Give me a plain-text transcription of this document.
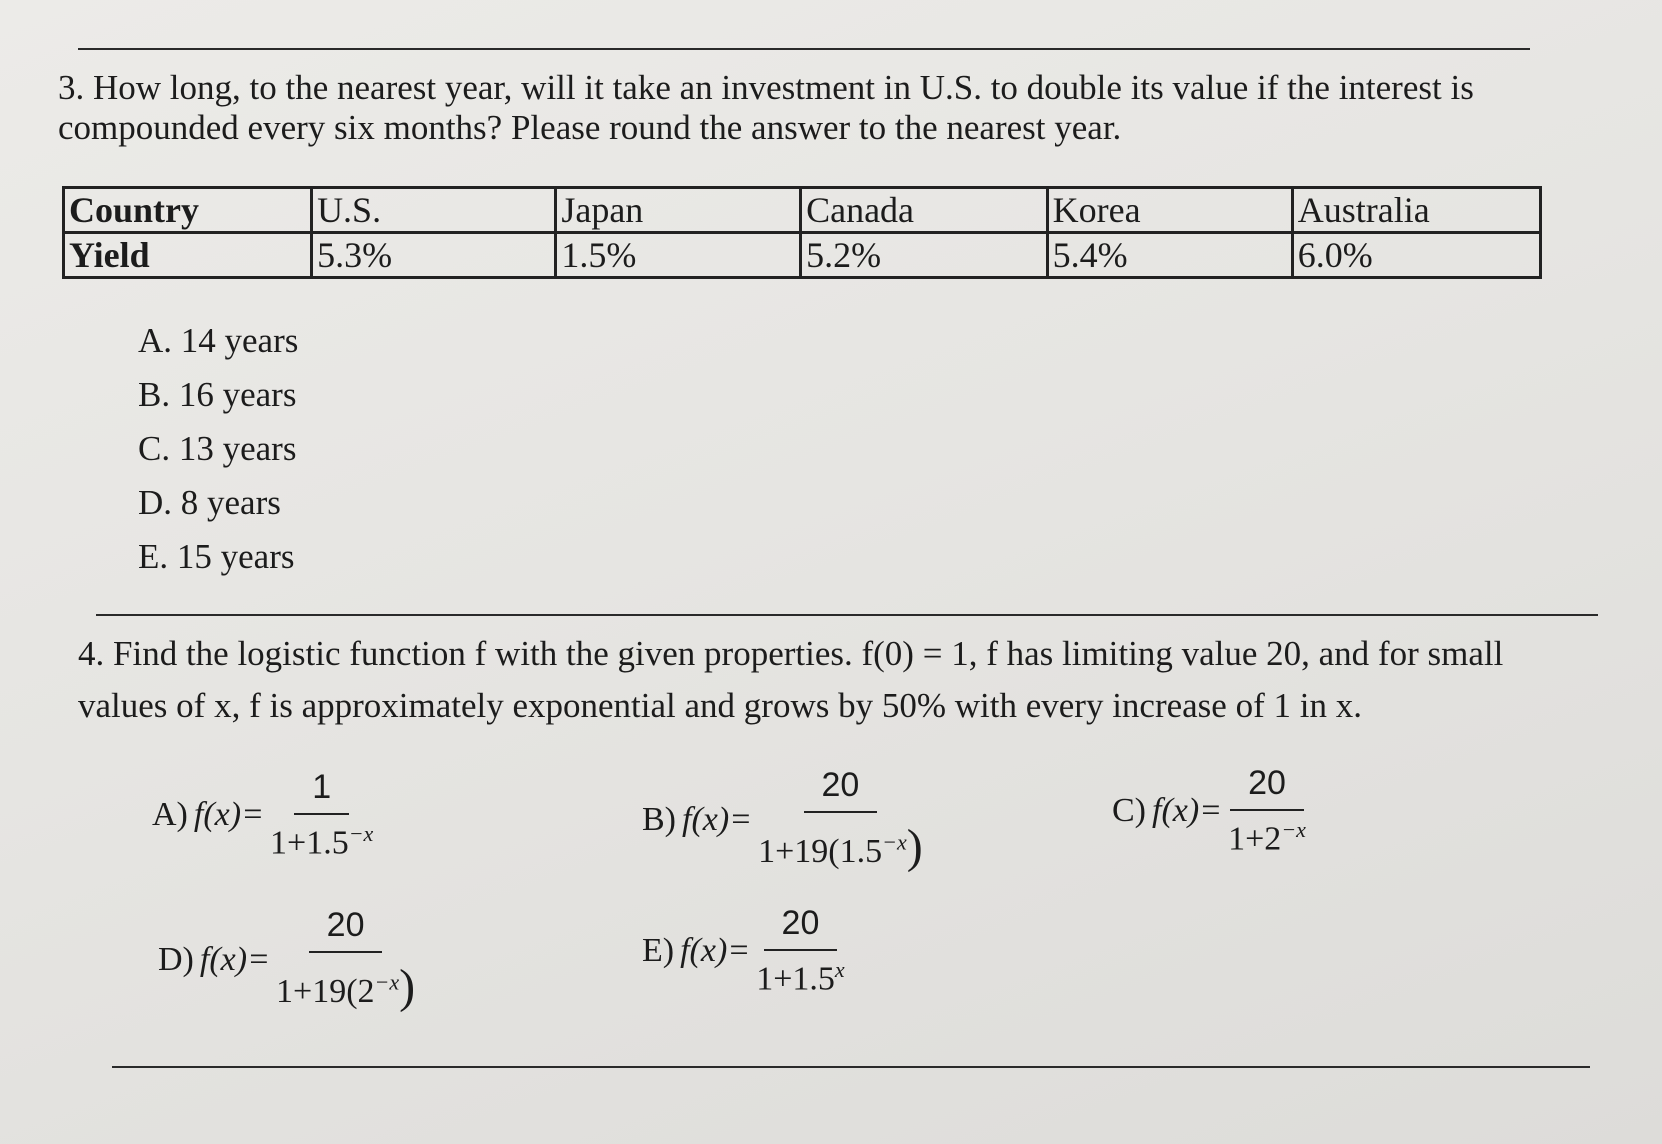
3. How long, to the nearest year, will it take an investment in U.S. to double its value if the interest is

compounded every six months? Please round the answer to the nearest year.

Country	U.S.	Japan	Canada	Korea	Australia
Yield	5.3%	1.5%	5.2%	5.4%	6.0%
A. 14 years
B. 16 years
C. 13 years
D. 8 years
E. 15 years

4. Find the logistic function f with the given properties. f(0) = 1, f has limiting value 20, and for small

values of x, f is approximately exponential and grows by 50% with every increase of 1 in x.

A) $f(x)= \frac{1}{1+1.5^{-x}}$	B) $f(x)= \frac{20}{1+19(1.5^{-x})}$	C) $f(x)= \frac{20}{1+2^{-x}}$
D) $f(x)= \frac{20}{1+19(2^{-x})}$	E) $f(x)= \frac{20}{1+1.5^x}$
